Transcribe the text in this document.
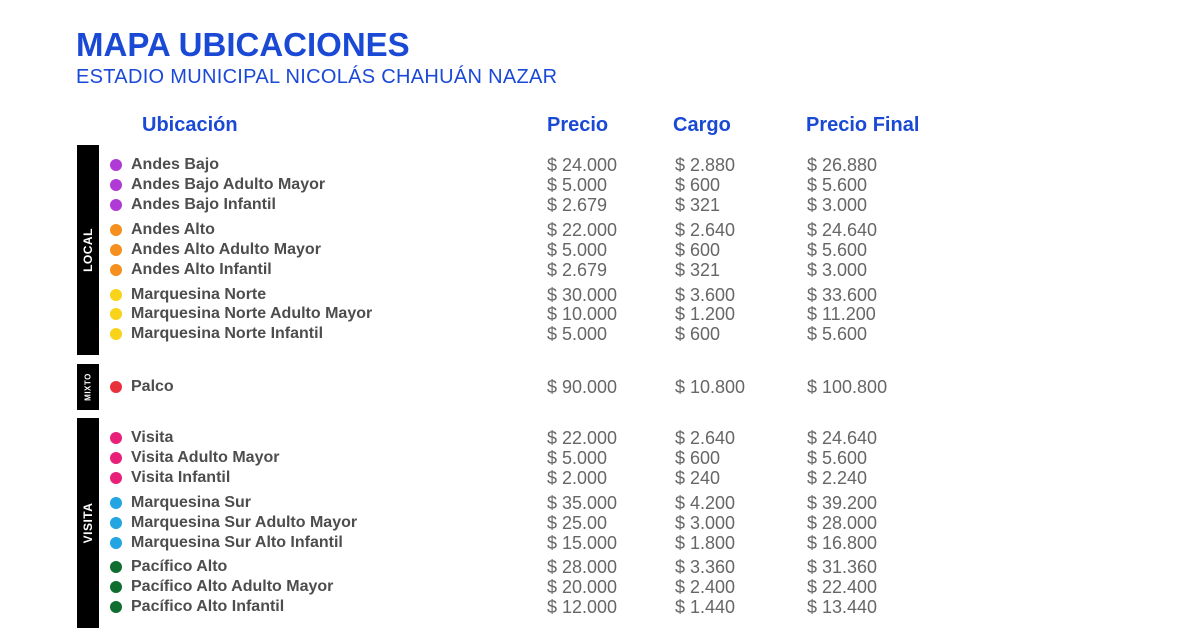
MAPA UBICACIONES
ESTADIO MUNICIPAL NICOLÁS CHAHUÁN NAZAR
Ubicación	Precio	Cargo	Precio Final
LOCAL
MIXTO
VISITA
Andes Bajo	$ 24.000	$ 2.880	$ 26.880
Andes Bajo Adulto Mayor	$ 5.000	$ 600	$ 5.600
Andes Bajo Infantil	$ 2.679	$ 321	$ 3.000
Andes Alto	$ 22.000	$ 2.640	$ 24.640
Andes Alto Adulto Mayor	$ 5.000	$ 600	$ 5.600
Andes Alto Infantil	$ 2.679	$ 321	$ 3.000
Marquesina Norte	$ 30.000	$ 3.600	$ 33.600
Marquesina Norte Adulto Mayor	$ 10.000	$ 1.200	$ 11.200
Marquesina Norte Infantil	$ 5.000	$ 600	$ 5.600
Palco	$ 90.000	$ 10.800	$ 100.800
Visita	$ 22.000	$ 2.640	$ 24.640
Visita Adulto Mayor	$ 5.000	$ 600	$ 5.600
Visita Infantil	$ 2.000	$ 240	$ 2.240
Marquesina Sur	$ 35.000	$ 4.200	$ 39.200
Marquesina Sur Adulto Mayor	$ 25.00	$ 3.000	$ 28.000
Marquesina Sur Alto Infantil	$ 15.000	$ 1.800	$ 16.800
Pacífico Alto	$ 28.000	$ 3.360	$ 31.360
Pacífico Alto Adulto Mayor	$ 20.000	$ 2.400	$ 22.400
Pacífico Alto Infantil	$ 12.000	$ 1.440	$ 13.440
